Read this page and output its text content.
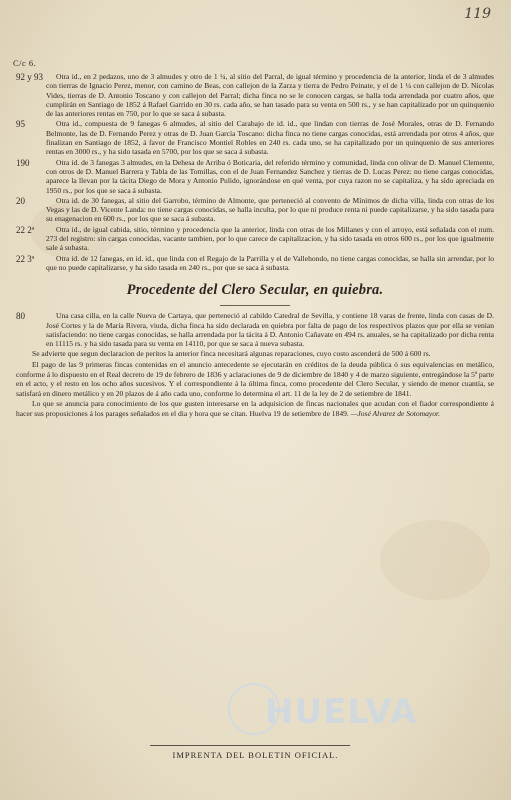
119
C/c 6.
92 y 93	Otra id., en 2 pedazos, uno de 3 almudes y otro de 1 ¼, al sitio del Parral, de igual término y procedencia de la anterior, linda el de 3 almudes con tierras de Ignacio Perez, menor, con camino de Beas, con callejon de la Zarza y tierra de Pedro Peinate, y el de 1 ¼ con callejon de D. Nicolas Vides, tierras de D. Antonio Toscano y con callejon del Parral; dicha finca no se le conocen cargas, se halla toda arrendada por cuatro años, que cumplirán en Santiago de 1852 á Rafael Garrido en 30 rs. cada año, se han tasado para su venta en 500 rs., y se han capitalizado por un quinquenio de las anteriores rentas en 750, por lo que se saca á subasta.
95	Otra id., compuesta de 9 fanegas 6 almudes, al sitio del Carabajo de id. id., que lindan con tierras de José Morales, otras de D. Fernando Belmonte, las de D. Fernando Perez y otras de D. Juan García Toscano: dicha finca no tiene cargas conocidas, está arrendada por otros 4 años, que finalizan en Santiago de 1852, á favor de Francisco Montiel Robles en 240 rs. cada uno, se ha capitalizado por un quinquenio de sus anteriores rentas en 3000 rs., y ha sido tasada en 5700, por los que se saca á subasta.
190	Otra id. de 3 fanegas 3 almudes, en la Dehesa de Arriba ó Boticaria, del referido término y comunidad, linda con olivar de D. Manuel Clemente, con otros de D. Manuel Barrera y Tabla de las Tomillas, con el de Juan Fernandez Sanchez y tierras de D. Lucas Perez: no tiene cargas conocidas, aparece la llevan por la tácita Diego de Mora y Antonio Pulido, ignorándose en qué venta, por cuya razon no se capitaliza, y ha sido apreciada en 1950 rs., por los que se saca á subasta.
20	Otra id. de 30 fanegas, al sitio del Garrobo, término de Almonte, que perteneció al convento de Mínimos de dicha villa, linda con otras de los Vegas y las de D. Vicente Landa: no tiene cargas conocidas, se halla inculta, por lo que ni produce renta ni puede capitalizarse, y ha sido tasada para su enagenacion en 600 rs., por los que se saca á subasta.
22 2ª	Otra id., de igual cabida, sitio, término y procedencia que la anterior, linda con otras de los Millanes y con el arroyo, está señalada con el num. 273 del registro: sin cargas conocidas, vacante tambien, por lo que carece de capitalizacion, y ha sido tasada en otros 600 rs., por los que igualmente sale á subasta.
22 3ª	Otra id. de 12 fanegas, en id. id., que linda con el Regajo de la Parrilla y el de Vallehondo, no tiene cargas conocidas, se halla sin arrendar, por lo que no puede capitalizarse, y ha sido tasada en 240 rs., por que se saca á subasta.
Procedente del Clero Secular, en quiebra.
80	Una casa cilla, en la calle Nueva de Cartaya, que perteneció al cabildo Catedral de Sevilla, y contiene 18 varas de frente, linda con casas de D. José Cortes y la de María Rivera, viuda, dicha finca ha sido declarada en quiebra por falta de pago de los respectivos plazos que por ella se venian satisfaciendo: no tiene cargas conocidas, se halla arrendada por la tácita á D. Antonio Cañavate en 494 rs. anuales, se ha capitalizado por dicha renta en 11115 rs. y ha sido tasada para su venta en 14110, por que se saca á nueva subasta.

Se advierte que segun declaracion de peritos la anterior finca necesitará algunas reparaciones, cuyo costo ascenderá de 500 á 600 rs.

El pago de las 9 primeras fincas contenidas en el anuncio antecedente se ejecutarán en créditos de la deuda pública ó sus equivalencias en metálico, conforme á lo dispuesto en el Real decreto de 19 de febrero de 1836 y aclaraciones de 9 de diciembre de 1840 y 4 de marzo siguiente, entregándose la 5ª parte en el acto, y el resto en los ocho años sucesivos. Y el correspondiente á la última finca, como procedente del Clero Secular, y siendo de menor cuantía, se satisfará en dinero metálico y en 20 plazos de á año cada uno, conforme lo determina el art. 11 de la ley de 2 de setiembre de 1841.

Lo que se anuncia para conocimiento de los que gusten interesarse en la adquisicion de fincas nacionales que acudan con el fiador correspondiente á hacer sus proposiciones á los parages señalados en el dia y hora que se citan. Huelva 19 de setiembre de 1849. —José Alvarez de Sotomayor.

HUELVA
IMPRENTA DEL BOLETIN OFICIAL.
